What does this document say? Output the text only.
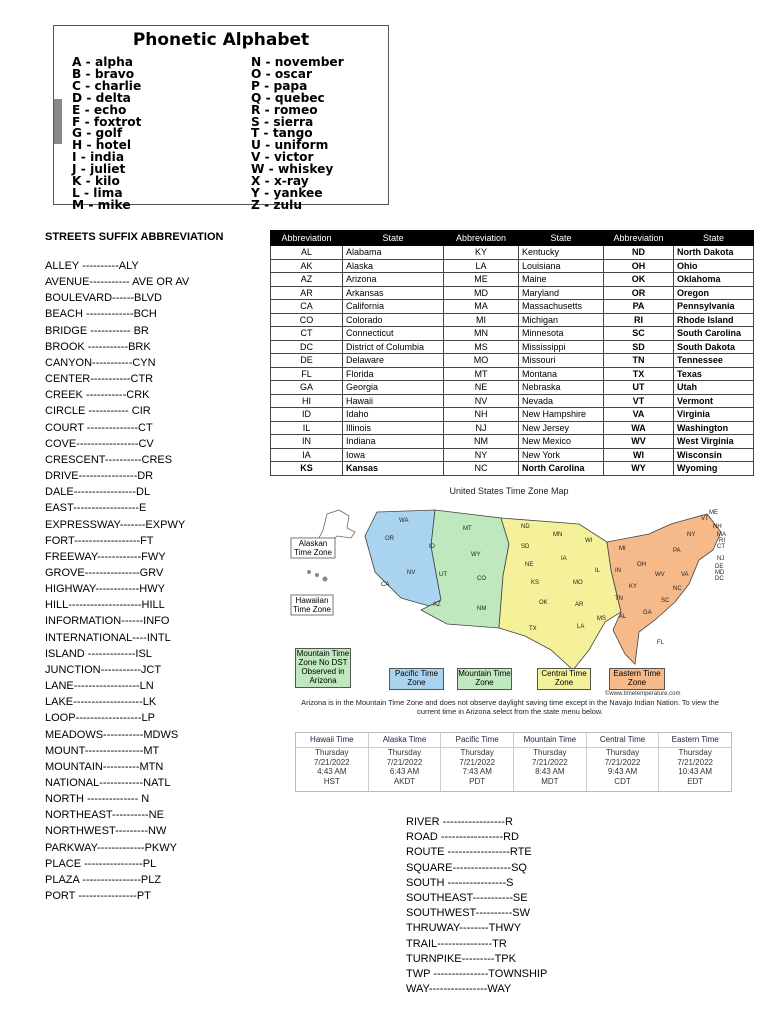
Phonetic Alphabet
A - alpha
B - bravo
C - charlie
D - delta
E - echo
F - foxtrot
G - golf
H - hotel
I - india
J - juliet
K - kilo
L - lima
M - mike
N - november
O - oscar
P - papa
Q - quebec
R - romeo
S - sierra
T - tango
U - uniform
V - victor
W - whiskey
X - x-ray
Y - yankee
Z - zulu
STREETS SUFFIX ABBREVIATION
ALLEY ----------ALY
AVENUE----------- AVE OR AV
BOULEVARD------BLVD
BEACH -------------BCH
BRIDGE ----------- BR
BROOK -----------BRK
CANYON-----------CYN
CENTER-----------CTR
CREEK -----------CRK
CIRCLE ----------- CIR
COURT --------------CT
COVE-----------------CV
CRESCENT----------CRES
DRIVE----------------DR
DALE-----------------DL
EAST------------------E
EXPRESSWAY-------EXPWY
FORT------------------FT
FREEWAY------------FWY
GROVE---------------GRV
HIGHWAY------------HWY
HILL--------------------HILL
INFORMATION------INFO
INTERNATIONAL----INTL
ISLAND -------------ISL
JUNCTION-----------JCT
LANE------------------LN
LAKE-------------------LK
LOOP------------------LP
MEADOWS-----------MDWS
MOUNT----------------MT
MOUNTAIN----------MTN
NATIONAL------------NATL
NORTH -------------- N
NORTHEAST----------NE
NORTHWEST---------NW
PARKWAY-------------PKWY
PLACE ----------------PL
PLAZA ----------------PLZ
PORT ----------------PT
RIVER -----------------R
ROAD -----------------RD
ROUTE -----------------RTE
SQUARE----------------SQ
SOUTH ----------------S
SOUTHEAST-----------SE
SOUTHWEST----------SW
THRUWAY--------THWY
TRAIL---------------TR
TURNPIKE---------TPK
TWP ---------------TOWNSHIP
WAY----------------WAY
Abbreviation	State	Abbreviation	State	Abbreviation	State
AL	Alabama	KY	Kentucky	ND	North Dakota
AK	Alaska	LA	Louisiana	OH	Ohio
AZ	Arizona	ME	Maine	OK	Oklahoma
AR	Arkansas	MD	Maryland	OR	Oregon
CA	California	MA	Massachusetts	PA	Pennsylvania
CO	Colorado	MI	Michigan	RI	Rhode Island
CT	Connecticut	MN	Minnesota	SC	South Carolina
DC	District of Columbia	MS	Mississippi	SD	South Dakota
DE	Delaware	MO	Missouri	TN	Tennessee
FL	Florida	MT	Montana	TX	Texas
GA	Georgia	NE	Nebraska	UT	Utah
HI	Hawaii	NV	Nevada	VT	Vermont
ID	Idaho	NH	New Hampshire	VA	Virginia
IL	Illinois	NJ	New Jersey	WA	Washington
IN	Indiana	NM	New Mexico	WV	West Virginia
IA	Iowa	NY	New York	WI	Wisconsin
KS	Kansas	NC	North Carolina	WY	Wyoming
United States Time Zone Map
WA
OR
CA
NV
ID
MT
WY
UT
AZ
CO
NM
ND
SD
NE
KS
OK
TX
MN
IA
MO
AR
LA
WI
IL
MS AL
MI
IN
KY
TN
OH
GA
FL
SC
NC
VA
WV
PA
NY
VT
NH
ME
MA
RI
CT
NJ
DE
MD
DC
Alaskan Time Zone
Hawaiian Time Zone
Mountain Time Zone No DST Observed in Arizona
Pacific Time Zone
Mountain Time Zone
Central Time Zone
Eastern Time Zone
©www.timetemperature.com
Arizona is in the Mountain Time Zone and does not observe daylight saving time except in the Navajo Indian Nation. To view the current time in Arizona select from the state menu below.
Hawaii Time
Thursday
7/21/2022
4:43 AM
HST
Alaska Time
Thursday
7/21/2022
6:43 AM
AKDT
Pacific Time
Thursday
7/21/2022
7:43 AM
PDT
Mountain Time
Thursday
7/21/2022
8:43 AM
MDT
Central Time
Thursday
7/21/2022
9:43 AM
CDT
Eastern Time
Thursday
7/21/2022
10:43 AM
EDT
